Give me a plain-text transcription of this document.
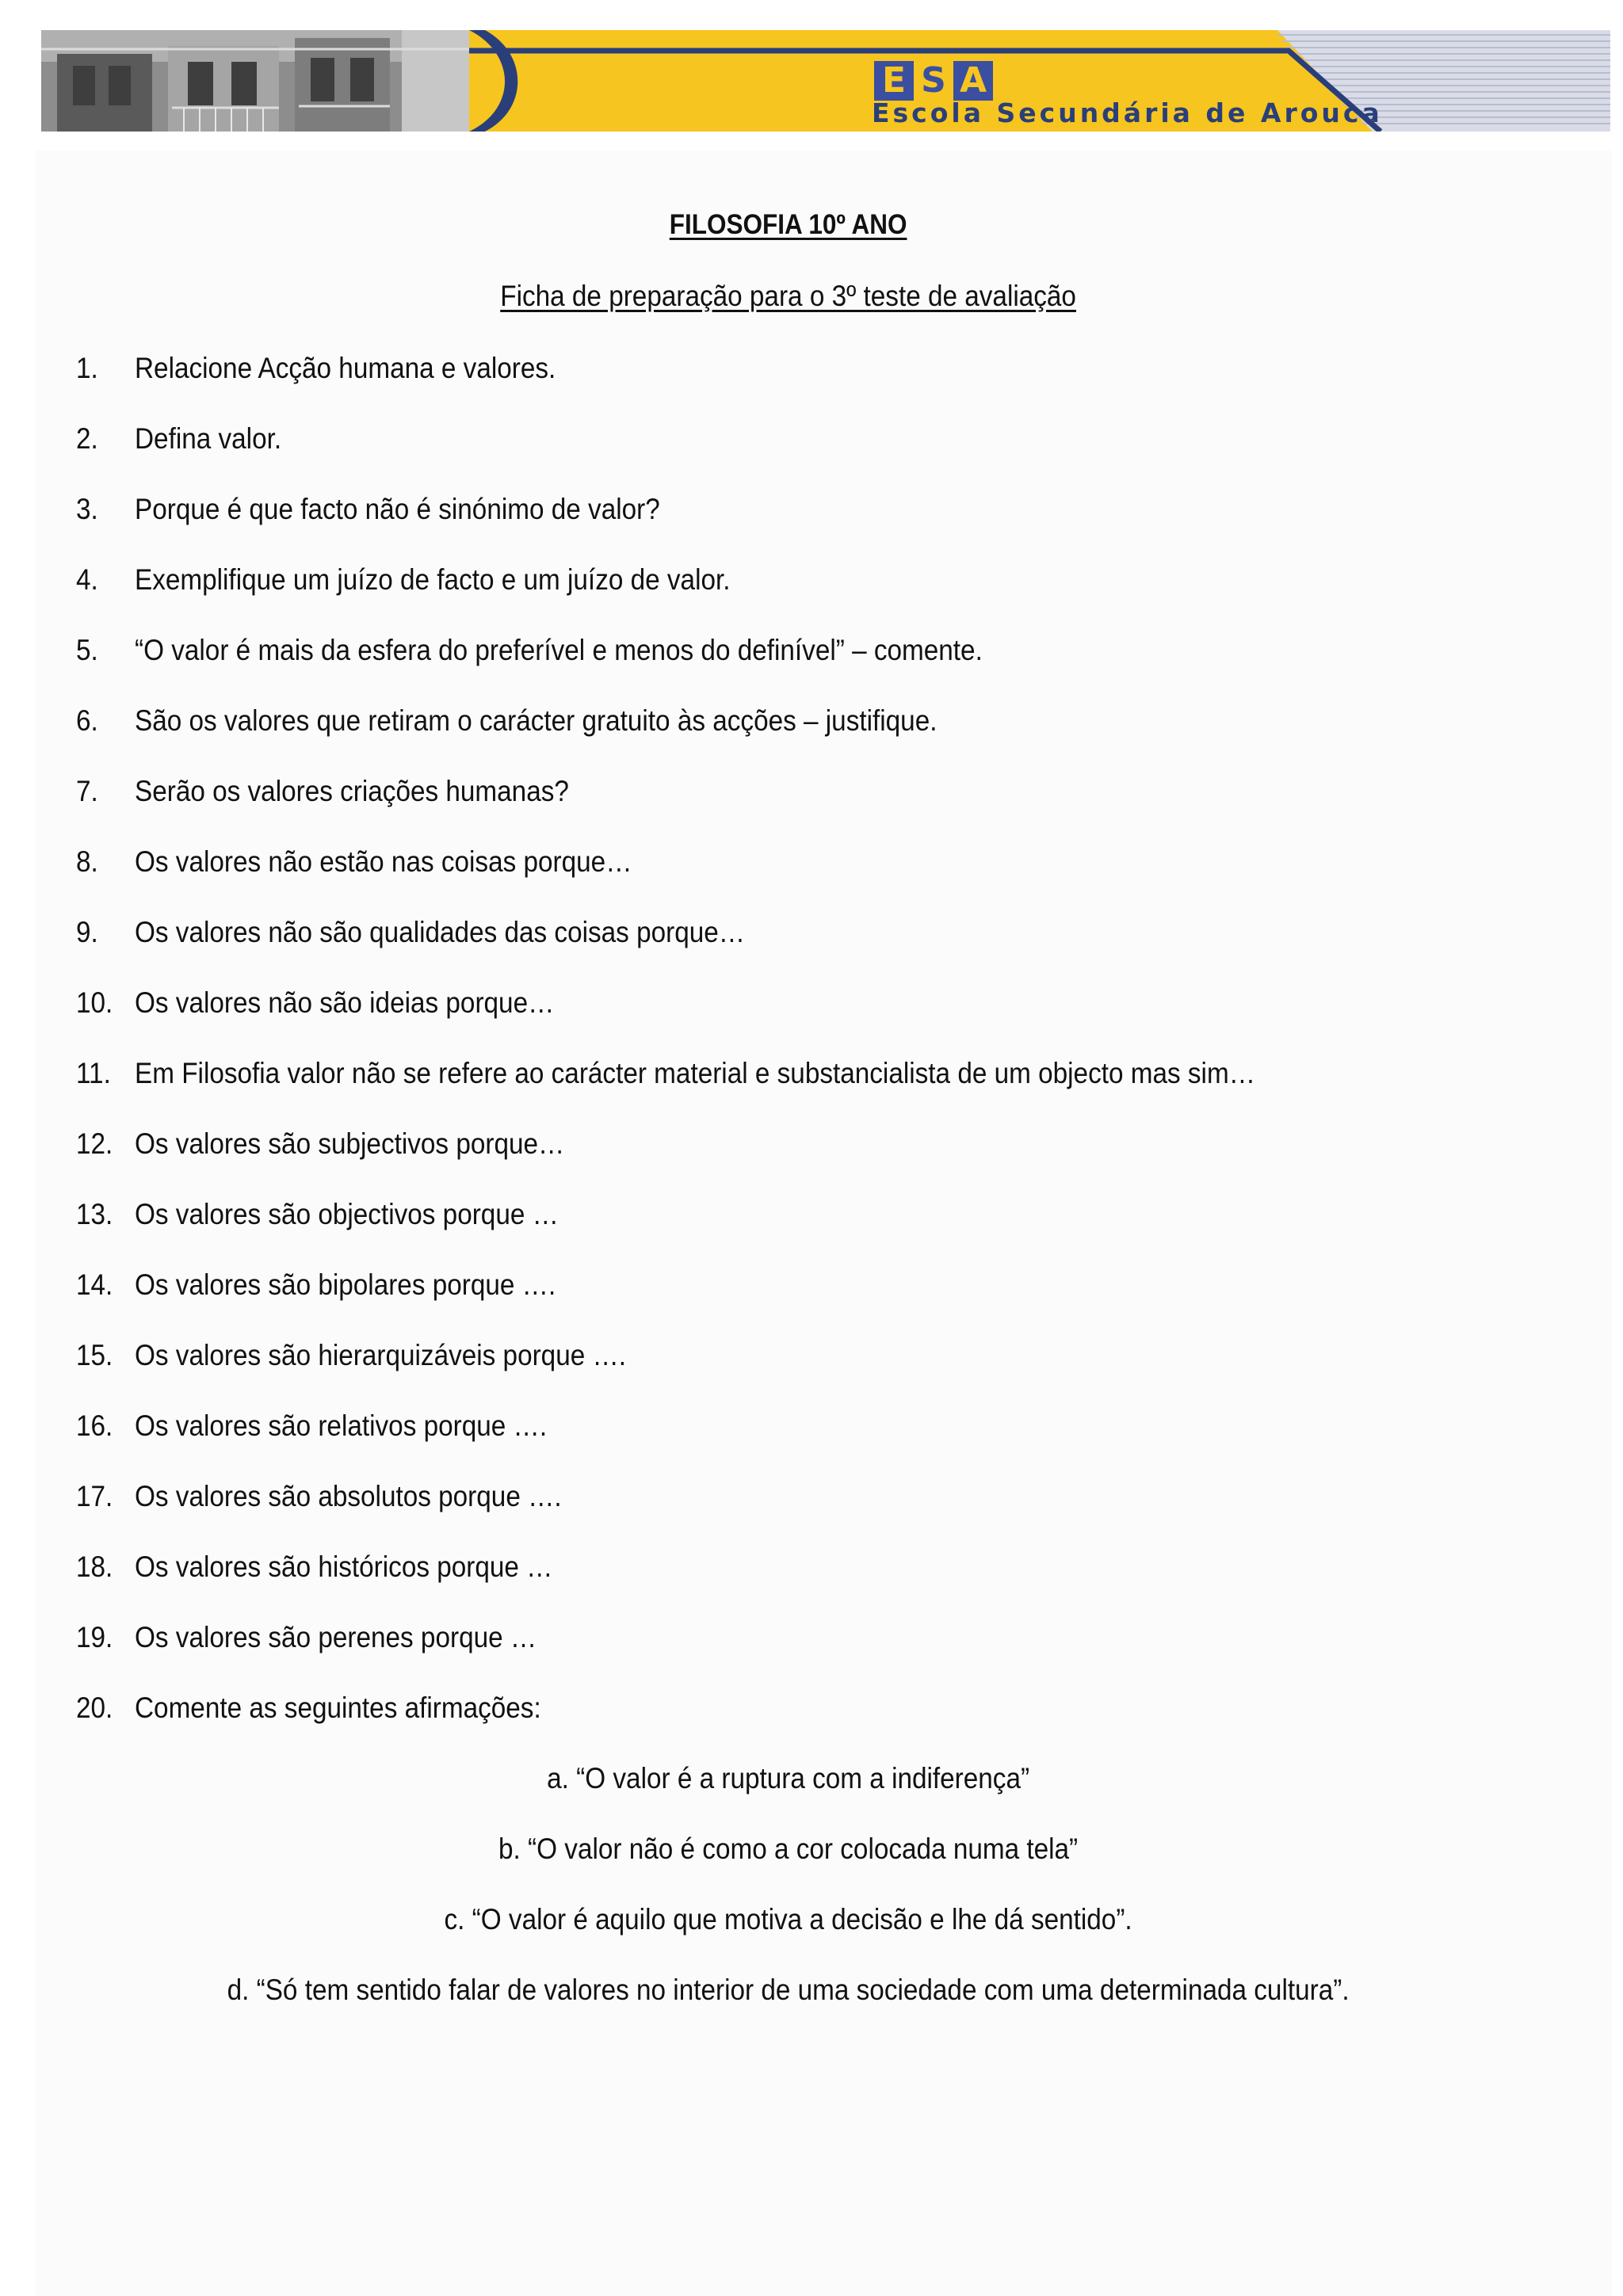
E S A
Escola Secundária de Arouca
FILOSOFIA 10º ANO
Ficha de preparação para o 3º teste de avaliação
1. Relacione Acção humana e valores.
2. Defina valor.
3. Porque é que facto não é sinónimo de valor?
4. Exemplifique um juízo de facto e um juízo de valor.
5. “O valor é mais da esfera do preferível e menos do definível” – comente.
6. São os valores que retiram o carácter gratuito às acções – justifique.
7. Serão os valores criações humanas?
8. Os valores não estão nas coisas porque…
9. Os valores não são qualidades das coisas porque…
10. Os valores não são ideias porque…
11. Em Filosofia valor não se refere ao carácter material e substancialista de um objecto mas sim…
12. Os valores são subjectivos porque…
13. Os valores são objectivos porque …
14. Os valores são bipolares porque ….
15. Os valores são hierarquizáveis porque ….
16. Os valores são relativos porque ….
17. Os valores são absolutos porque ….
18. Os valores são históricos porque …
19. Os valores são perenes porque …
20. Comente as seguintes afirmações:
a. “O valor é a ruptura com a indiferença”
b. “O valor não é como a cor colocada numa tela”
c. “O valor é aquilo que motiva a decisão e lhe dá sentido”.
d. “Só tem sentido falar de valores no interior de uma sociedade com uma determinada cultura”.
